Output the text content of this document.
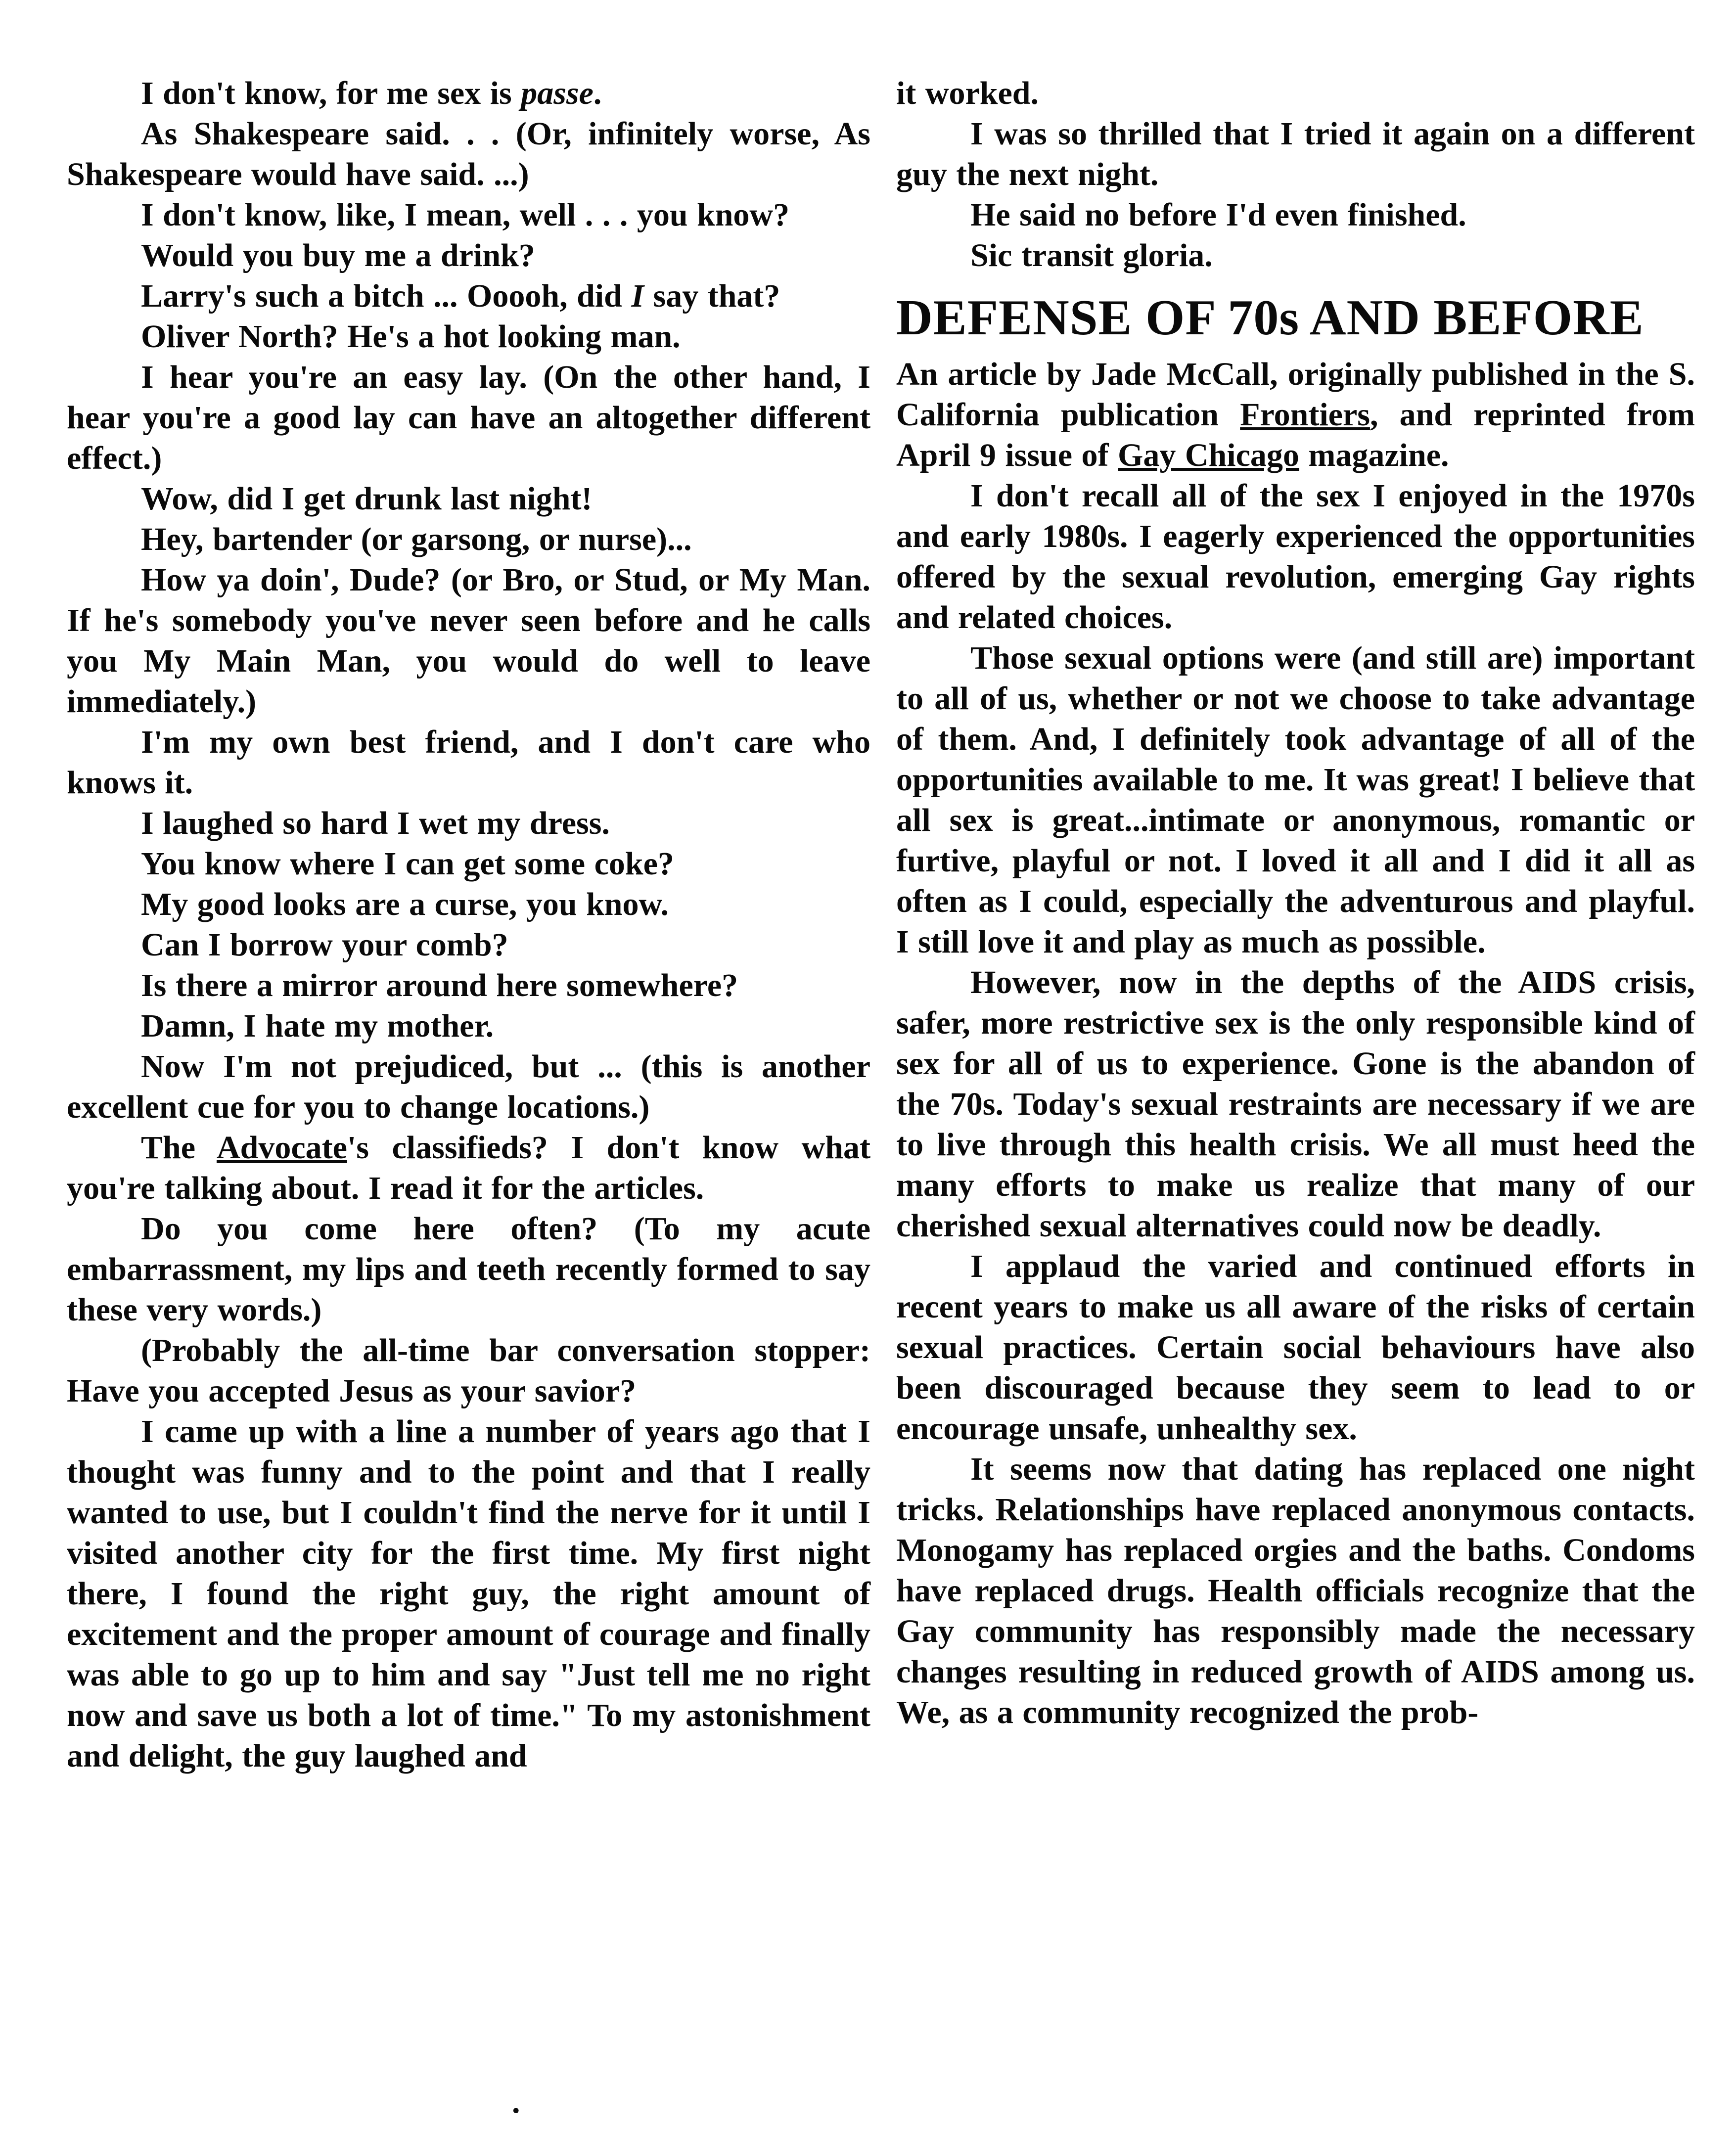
I don't know, for me sex is passe.

As Shakespeare said. . . (Or, infinitely worse, As Shakespeare would have said. ...)

I don't know, like, I mean, well . . . you know?

Would you buy me a drink?

Larry's such a bitch ... Ooooh, did I say that?

Oliver North? He's a hot looking man.

I hear you're an easy lay. (On the other hand, I hear you're a good lay can have an altogether different effect.)

Wow, did I get drunk last night!

Hey, bartender (or garsong, or nurse)...

How ya doin', Dude? (or Bro, or Stud, or My Man. If he's somebody you've never seen before and he calls you My Main Man, you would do well to leave immediately.)

I'm my own best friend, and I don't care who knows it.

I laughed so hard I wet my dress.

You know where I can get some coke?

My good looks are a curse, you know.

Can I borrow your comb?

Is there a mirror around here somewhere?

Damn, I hate my mother.

Now I'm not prejudiced, but ... (this is another excellent cue for you to change locations.)

The Advocate's classifieds? I don't know what you're talking about. I read it for the articles.

Do you come here often? (To my acute embarrassment, my lips and teeth recently formed to say these very words.)

(Probably the all-time bar conversation stopper: Have you accepted Jesus as your savior?

I came up with a line a number of years ago that I thought was funny and to the point and that I really wanted to use, but I couldn't find the nerve for it until I visited another city for the first time. My first night there, I found the right guy, the right amount of excitement and the proper amount of courage and finally was able to go up to him and say "Just tell me no right now and save us both a lot of time." To my astonishment and delight, the guy laughed and

it worked.

I was so thrilled that I tried it again on a different guy the next night.

He said no before I'd even finished.

Sic transit gloria.

DEFENSE OF 70s AND BEFORE

An article by Jade McCall, originally published in the S. California publication Frontiers, and reprinted from April 9 issue of Gay Chicago magazine.

I don't recall all of the sex I enjoyed in the 1970s and early 1980s. I eagerly experienced the opportunities offered by the sexual revolution, emerging Gay rights and related choices.

Those sexual options were (and still are) important to all of us, whether or not we choose to take advantage of them. And, I definitely took advantage of all of the opportunities available to me. It was great! I believe that all sex is great...intimate or anonymous, romantic or furtive, playful or not. I loved it all and I did it all as often as I could, especially the adventurous and playful. I still love it and play as much as possible.

However, now in the depths of the AIDS crisis, safer, more restrictive sex is the only responsible kind of sex for all of us to experience. Gone is the abandon of the 70s. Today's sexual restraints are necessary if we are to live through this health crisis. We all must heed the many efforts to make us realize that many of our cherished sexual alternatives could now be deadly.

I applaud the varied and continued efforts in recent years to make us all aware of the risks of certain sexual practices. Certain social behaviours have also been discouraged because they seem to lead to or encourage unsafe, unhealthy sex.

It seems now that dating has replaced one night tricks. Relationships have replaced anonymous contacts. Monogamy has replaced orgies and the baths. Condoms have replaced drugs. Health officials recognize that the Gay community has responsibly made the necessary changes resulting in reduced growth of AIDS among us. We, as a community recognized the prob-

.
